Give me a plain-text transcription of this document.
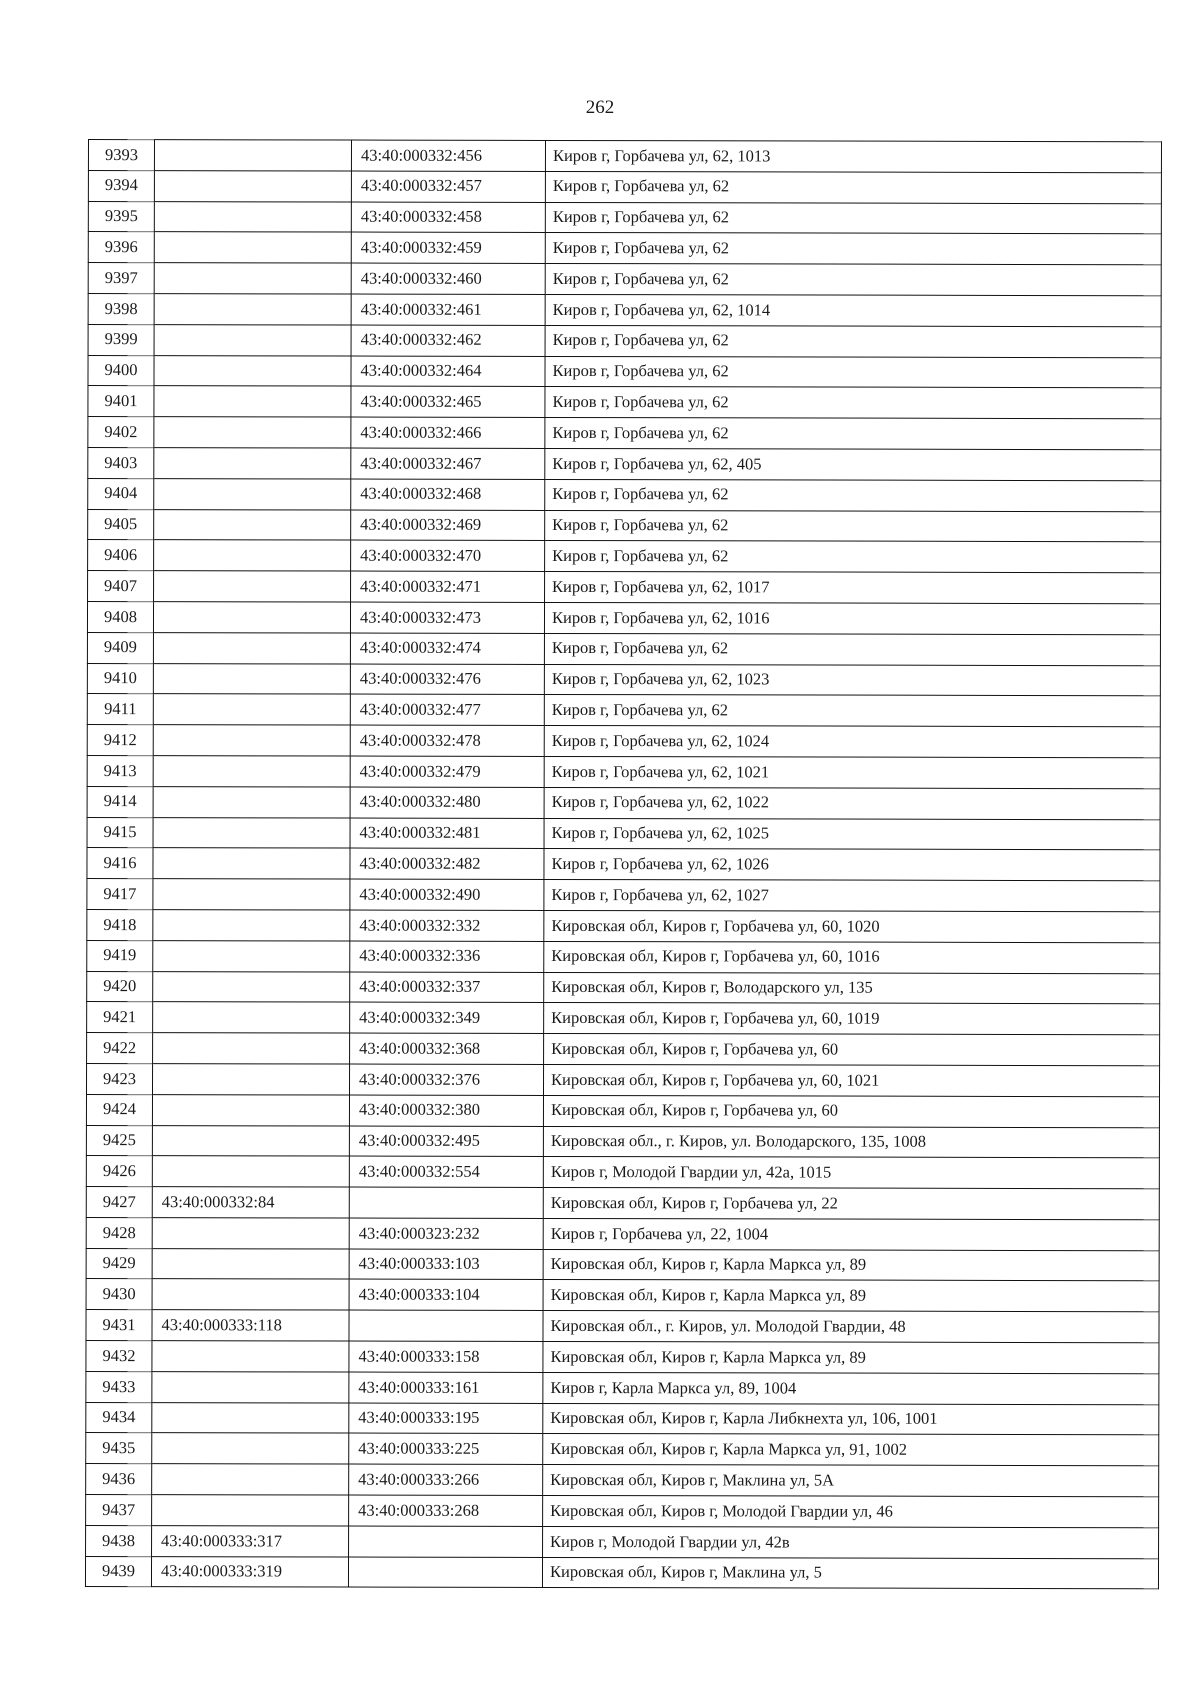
262
9393		43:40:000332:456	Киров г, Горбачева ул, 62, 1013
9394		43:40:000332:457	Киров г, Горбачева ул, 62
9395		43:40:000332:458	Киров г, Горбачева ул, 62
9396		43:40:000332:459	Киров г, Горбачева ул, 62
9397		43:40:000332:460	Киров г, Горбачева ул, 62
9398		43:40:000332:461	Киров г, Горбачева ул, 62, 1014
9399		43:40:000332:462	Киров г, Горбачева ул, 62
9400		43:40:000332:464	Киров г, Горбачева ул, 62
9401		43:40:000332:465	Киров г, Горбачева ул, 62
9402		43:40:000332:466	Киров г, Горбачева ул, 62
9403		43:40:000332:467	Киров г, Горбачева ул, 62, 405
9404		43:40:000332:468	Киров г, Горбачева ул, 62
9405		43:40:000332:469	Киров г, Горбачева ул, 62
9406		43:40:000332:470	Киров г, Горбачева ул, 62
9407		43:40:000332:471	Киров г, Горбачева ул, 62, 1017
9408		43:40:000332:473	Киров г, Горбачева ул, 62, 1016
9409		43:40:000332:474	Киров г, Горбачева ул, 62
9410		43:40:000332:476	Киров г, Горбачева ул, 62, 1023
9411		43:40:000332:477	Киров г, Горбачева ул, 62
9412		43:40:000332:478	Киров г, Горбачева ул, 62, 1024
9413		43:40:000332:479	Киров г, Горбачева ул, 62, 1021
9414		43:40:000332:480	Киров г, Горбачева ул, 62, 1022
9415		43:40:000332:481	Киров г, Горбачева ул, 62, 1025
9416		43:40:000332:482	Киров г, Горбачева ул, 62, 1026
9417		43:40:000332:490	Киров г, Горбачева ул, 62, 1027
9418		43:40:000332:332	Кировская обл, Киров г, Горбачева ул, 60, 1020
9419		43:40:000332:336	Кировская обл, Киров г, Горбачева ул, 60, 1016
9420		43:40:000332:337	Кировская обл, Киров г, Володарского ул, 135
9421		43:40:000332:349	Кировская обл, Киров г, Горбачева ул, 60, 1019
9422		43:40:000332:368	Кировская обл, Киров г, Горбачева ул, 60
9423		43:40:000332:376	Кировская обл, Киров г, Горбачева ул, 60, 1021
9424		43:40:000332:380	Кировская обл, Киров г, Горбачева ул, 60
9425		43:40:000332:495	Кировская обл., г. Киров, ул. Володарского, 135, 1008
9426		43:40:000332:554	Киров г, Молодой Гвардии ул, 42а, 1015
9427	43:40:000332:84		Кировская обл, Киров г, Горбачева ул, 22
9428		43:40:000323:232	Киров г, Горбачева ул, 22, 1004
9429		43:40:000333:103	Кировская обл, Киров г, Карла Маркса ул, 89
9430		43:40:000333:104	Кировская обл, Киров г, Карла Маркса ул, 89
9431	43:40:000333:118		Кировская обл., г. Киров, ул. Молодой Гвардии, 48
9432		43:40:000333:158	Кировская обл, Киров г, Карла Маркса ул, 89
9433		43:40:000333:161	Киров г, Карла Маркса ул, 89, 1004
9434		43:40:000333:195	Кировская обл, Киров г, Карла Либкнехта ул, 106, 1001
9435		43:40:000333:225	Кировская обл, Киров г, Карла Маркса ул, 91, 1002
9436		43:40:000333:266	Кировская обл, Киров г, Маклина ул, 5А
9437		43:40:000333:268	Кировская обл, Киров г, Молодой Гвардии ул, 46
9438	43:40:000333:317		Киров г, Молодой Гвардии ул, 42в
9439	43:40:000333:319		Кировская обл, Киров г, Маклина ул, 5
